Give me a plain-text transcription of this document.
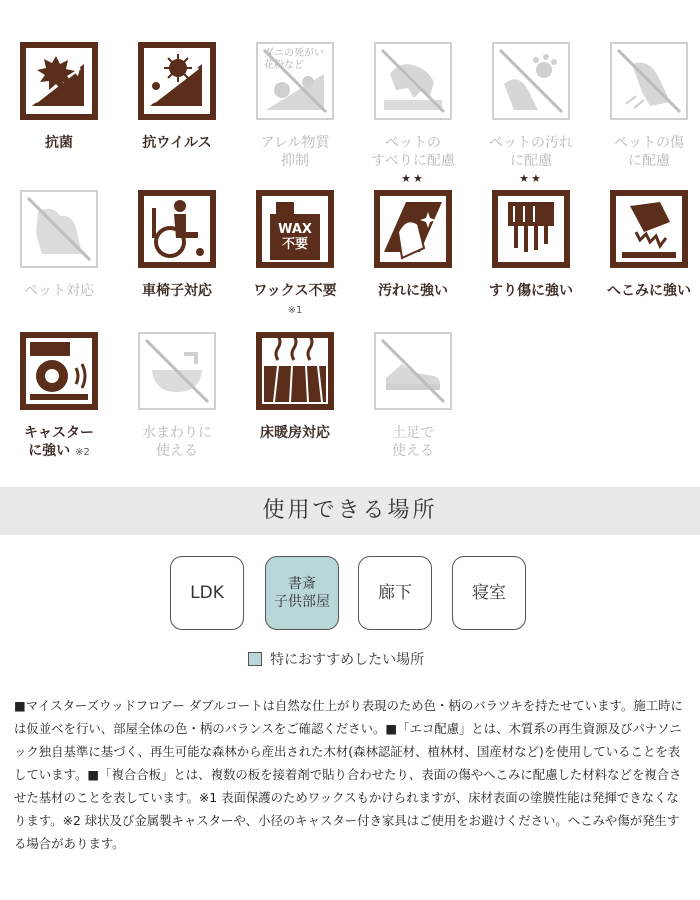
抗菌	抗ウイルス
ダニの死がい
花粉など
アレル物質
抑制
ペットの
すべりに配慮
ペットの汚れ
に配慮
ペットの傷
に配慮
ペット対応	車椅子対応
WAX
不要
ワックス不要
※1
★★
汚れに強い
★★
すり傷に強い	へこみに強い
キャスター
に強い ※2
水まわりに
使える
床暖房対応	土足で
使える
使用できる場所
LDK	書斎
子供部屋	廊下	寝室
特におすすめしたい場所
■マイスターズウッドフロアー ダブルコートは自然な仕上がり表現のため色・柄のバラツキを持たせています。施工時には仮並べを行い、部屋全体の色・柄のバランスをご確認ください。■「エコ配慮」とは、木質系の再生資源及びパナソニック独自基準に基づく、再生可能な森林から産出された木材(森林認証材、植林材、国産材など)を使用していることを表しています。■「複合合板」とは、複数の板を接着剤で貼り合わせたり、表面の傷やへこみに配慮した材料などを複合させた基材のことを表しています。※1 表面保護のためワックスもかけられますが、床材表面の塗膜性能は発揮できなくなります。※2 球状及び金属製キャスターや、小径のキャスター付き家具はご使用をお避けください。へこみや傷が発生する場合があります。
